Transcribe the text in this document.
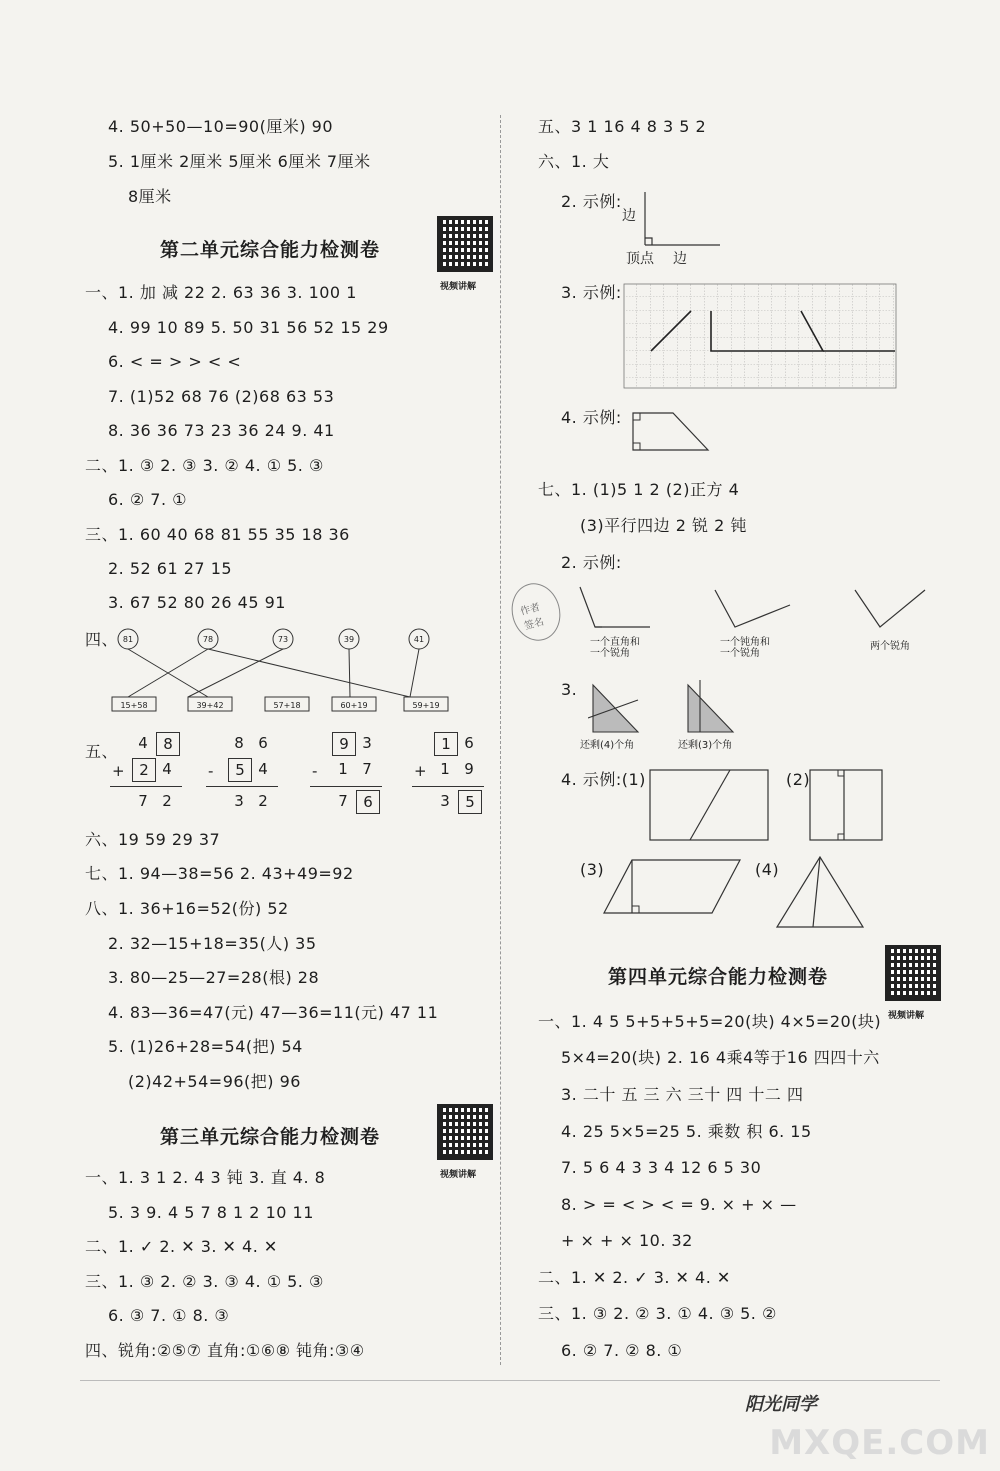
4. 50+50—10=90(厘米) 90
5. 1厘米 2厘米 5厘米 6厘米 7厘米
8厘米
第二单元综合能力检测卷
视频讲解
一、1. 加 减 22 2. 63 36 3. 100 1
4. 99 10 89 5. 50 31 56 52 15 29
6. < = > > < <
7. (1)52 68 76 (2)68 63 53
8. 36 36 73 23 36 24 9. 41
二、1. ③ 2. ③ 3. ② 4. ① 5. ③
6. ② 7. ①
三、1. 60 40 68 81 55 35 18 36
2. 52 61 27 15
3. 67 52 80 26 45 91
四、 81	78	73	39	41
15+58	39+42	57+18	60+19	59+19
五、	4	8
+ 2 4
7 2
8 6
-	5 4
3 2
9 3
-	1 7
7	6
1 6
+ 1 9
3	5
六、19 59 29 37
七、1. 94—38=56 2. 43+49=92
八、1. 36+16=52(份) 52
2. 32—15+18=35(人) 35
3. 80—25—27=28(根) 28
4. 83—36=47(元) 47—36=11(元) 47 11
5. (1)26+28=54(把) 54
(2)42+54=96(把) 96
第三单元综合能力检测卷
视频讲解
一、1. 3 1 2. 4 3 钝 3. 直 4. 8
5. 3 9. 4 5 7 8 1 2 10 11
二、1. ✓ 2. ✕ 3. ✕ 4. ✕
三、1. ③ 2. ② 3. ③ 4. ① 5. ③
6. ③ 7. ① 8. ③
四、锐角:②⑤⑦ 直角:①⑥⑧ 钝角:③④
五、3 1 16 4 8 3 5 2
六、1. 大
2. 示例:
边
顶点 边
3. 示例:
4. 示例:
七、1. (1)5 1 2 (2)正方 4
(3)平行四边 2 锐 2 钝
2. 示例:
作者
签名
一个直角和
一个锐角
一个钝角和
一个锐角
两个锐角
3.
还剩(4)个角	还剩(3)个角
4. 示例:(1)	(2)
(3)	(4)
第四单元综合能力检测卷
视频讲解
一、1. 4 5 5+5+5+5=20(块) 4×5=20(块)
5×4=20(块) 2. 16 4乘4等于16 四四十六
3. 二十 五 三 六 三十 四 十二 四
4. 25 5×5=25 5. 乘数 积 6. 15
7. 5 6 4 3 3 4 12 6 5 30
8. > = < > < = 9. × + × —
+ × + × 10. 32
二、1. ✕ 2. ✓ 3. ✕ 4. ✕
三、1. ③ 2. ② 3. ① 4. ③ 5. ②
6. ② 7. ② 8. ①
阳光同学
MXQE.COM
